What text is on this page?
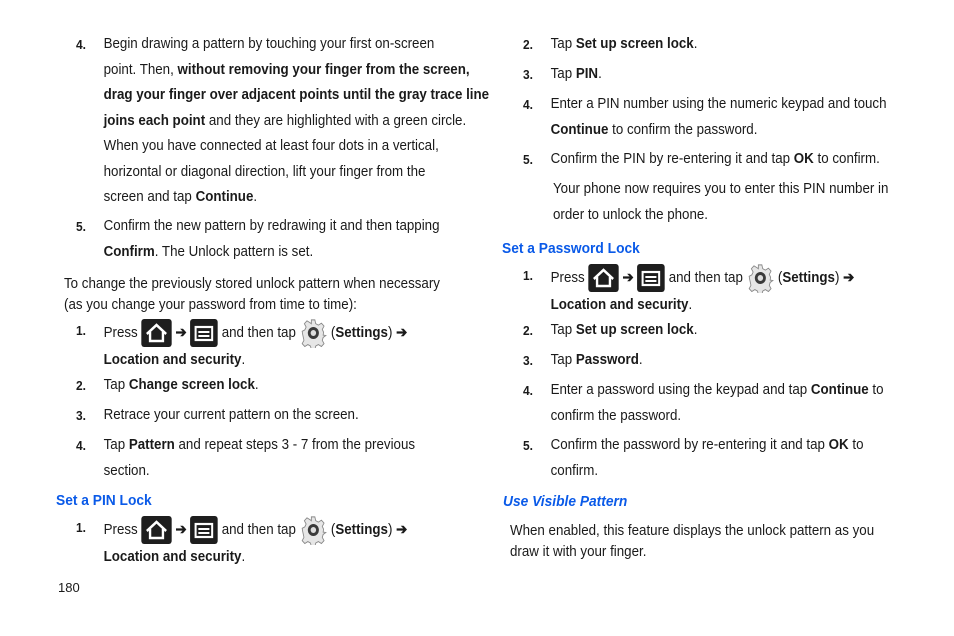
4. Begin drawing a pattern by touching your first on-screen
point. Then, without removing your finger from the screen,
drag your finger over adjacent points until the gray trace line
joins each point and they are highlighted with a green circle.
When you have connected at least four dots in a vertical,
horizontal or diagonal direction, lift your finger from the
screen and tap Continue.
5. Confirm the new pattern by redrawing it and then tapping
Confirm. The Unlock pattern is set.
To change the previously stored unlock pattern when necessary
(as you change your password from time to time):
1. Press	➔ and then tap (Settings) ➔
Location and security.
2. Tap Change screen lock.
3. Retrace your current pattern on the screen.
4. Tap Pattern and repeat steps 3 - 7 from the previous
section.
Set a PIN Lock
1. Press	➔ and then tap (Settings) ➔
Location and security.
180
2. Tap Set up screen lock.
3. Tap PIN.
4. Enter a PIN number using the numeric keypad and touch
Continue to confirm the password.
5. Confirm the PIN by re-entering it and tap OK to confirm.
Your phone now requires you to enter this PIN number in
order to unlock the phone.
Set a Password Lock
1. Press	➔ and then tap (Settings) ➔
Location and security.
2. Tap Set up screen lock.
3. Tap Password.
4. Enter a password using the keypad and tap Continue to
confirm the password.
5. Confirm the password by re-entering it and tap OK to
confirm.
Use Visible Pattern
When enabled, this feature displays the unlock pattern as you
draw it with your finger.
